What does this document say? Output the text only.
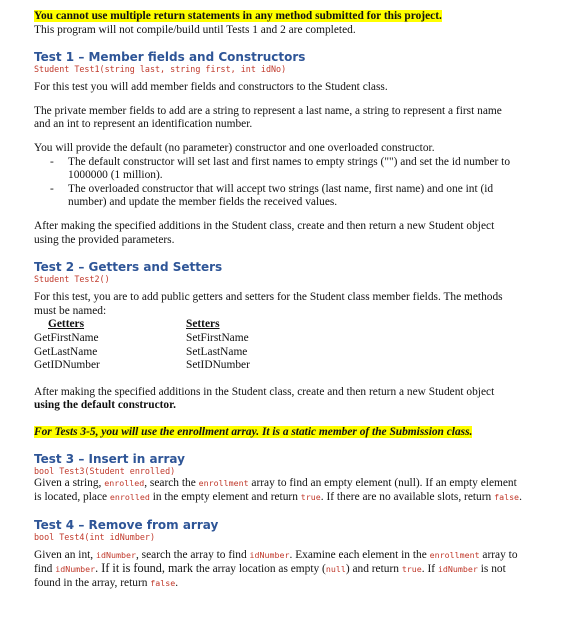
You cannot use multiple return statements in any method submitted for this project.

This program will not compile/build until Tests 1 and 2 are completed.

Test 1 – Member fields and Constructors

Student Test1(string last, string first, int idNo)

For this test you will add member fields and constructors to the Student class.

The private member fields to add are a string to represent a last name, a string to represent a first name
and an int to represent an identification number.

You will provide the default (no parameter) constructor and one overloaded constructor.

- The default constructor will set last and first names to empty strings ("") and set the id number to
1000000 (1 million).
- The overloaded constructor that will accept two strings (last name, first name) and one int (id
number) and update the member fields the received values.

After making the specified additions in the Student class, create and then return a new Student object
using the provided parameters.

Test 2 – Getters and Setters

Student Test2()

For this test, you are to add public getters and setters for the Student class member fields. The methods
must be named:

Getters	Setters
GetFirstName	SetFirstName
GetLastName	SetLastName
GetIDNumber	SetIDNumber

After making the specified additions in the Student class, create and then return a new Student object
using the default constructor.

For Tests 3-5, you will use the enrollment array. It is a static member of the Submission class.

Test 3 – Insert in array

bool Test3(Student enrolled)

Given a string, enrolled, search the enrollment array to find an empty element (null). If an empty element
is located, place enrolled in the empty element and return true. If there are no available slots, return false.

Test 4 – Remove from array

bool Test4(int idNumber)

Given an int, idNumber, search the array to find idNumber. Examine each element in the enrollment array to
find idNumber. If it is found, mark the array location as empty (null) and return true. If idNumber is not
found in the array, return false.
